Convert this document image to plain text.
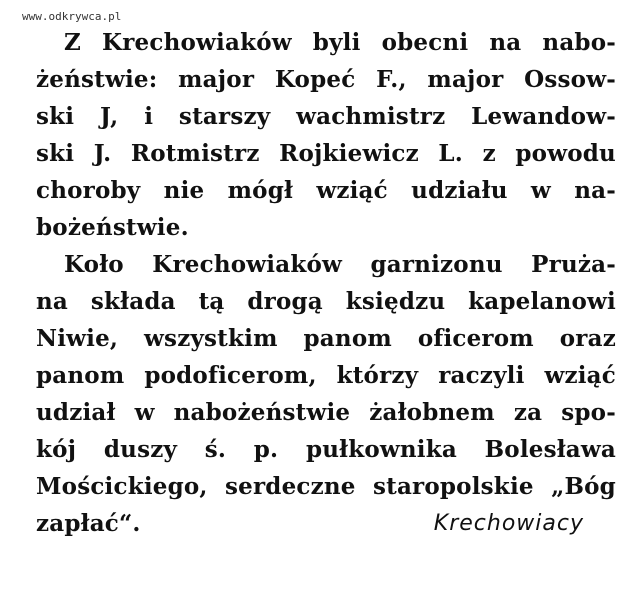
www.odkrywca.pl
Z Krechowiaków byli obecni na nabo-
żeństwie: major Kopeć F., major Ossow-
ski J, i starszy wachmistrz Lewandow-
ski J. Rotmistrz Rojkiewicz L. z powodu
choroby nie mógł wziąć udziału w na-
bożeństwie.
Koło Krechowiaków garnizonu Prużа-
na składa tą drogą księdzu kapelanowi
Niwie, wszystkim panom oficerom oraz
panom podoficerom, którzy raczyli wziąć
udział w nabożeństwie żałobnem za spo-
kój duszy ś. p. pułkownika Bolesława
Mościckiego, serdeczne staropolskie „Bóg
zapłać“.	Krechowiacy
